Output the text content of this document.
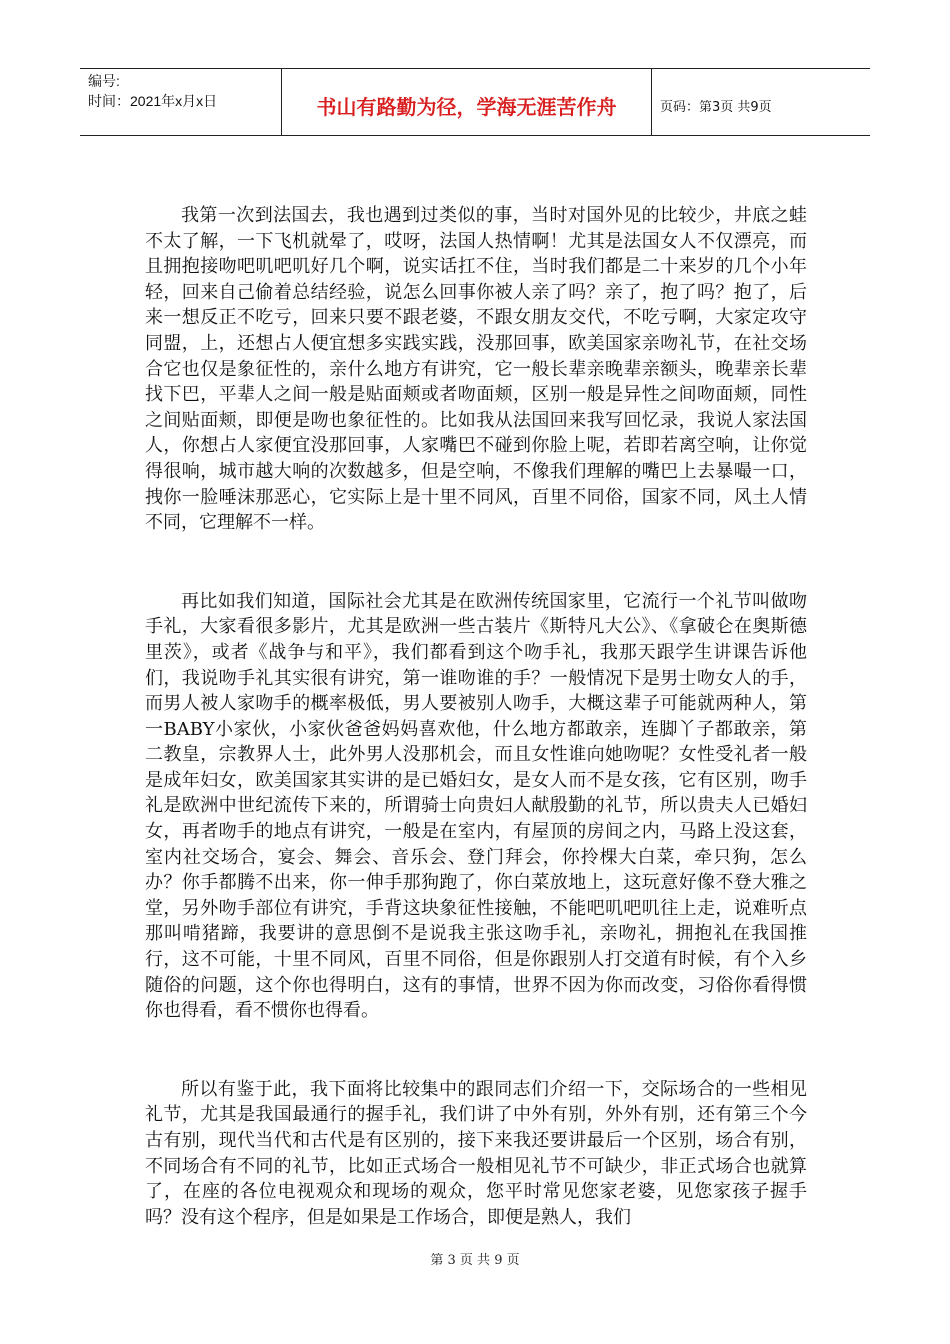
编号:
时间：2021年x月x日	书山有路勤为径，学海无涯苦作舟	页码：第3页 共9页

我第一次到法国去，我也遇到过类似的事，当时对国外见的比较少，井底之蛙不太了解，一下飞机就晕了，哎呀，法国人热情啊！尤其是法国女人不仅漂亮，而且拥抱接吻吧叽吧叽好几个啊，说实话扛不住，当时我们都是二十来岁的几个小年轻，回来自己偷着总结经验，说怎么回事你被人亲了吗？亲了，抱了吗？抱了，后来一想反正不吃亏，回来只要不跟老婆，不跟女朋友交代，不吃亏啊，大家定攻守同盟，上，还想占人便宜想多实践实践，没那回事，欧美国家亲吻礼节，在社交场合它也仅是象征性的，亲什么地方有讲究，它一般长辈亲晚辈亲额头，晚辈亲长辈找下巴，平辈人之间一般是贴面颊或者吻面颊，区别一般是异性之间吻面颊，同性之间贴面颊，即便是吻也象征性的。比如我从法国回来我写回忆录，我说人家法国人，你想占人家便宜没那回事，人家嘴巴不碰到你脸上呢，若即若离空响，让你觉得很响，城市越大响的次数越多，但是空响，不像我们理解的嘴巴上去暴嘬一口，拽你一脸唾沫那恶心，它实际上是十里不同风，百里不同俗，国家不同，风土人情不同，它理解不一样。

再比如我们知道，国际社会尤其是在欧洲传统国家里，它流行一个礼节叫做吻手礼，大家看很多影片，尤其是欧洲一些古装片《斯特凡大公》、《拿破仑在奥斯德里茨》，或者《战争与和平》，我们都看到这个吻手礼，我那天跟学生讲课告诉他们，我说吻手礼其实很有讲究，第一谁吻谁的手？一般情况下是男士吻女人的手，而男人被人家吻手的概率极低，男人要被别人吻手，大概这辈子可能就两种人，第一BABY小家伙，小家伙爸爸妈妈喜欢他，什么地方都敢亲，连脚丫子都敢亲，第二教皇，宗教界人士，此外男人没那机会，而且女性谁向她吻呢？女性受礼者一般是成年妇女，欧美国家其实讲的是已婚妇女，是女人而不是女孩，它有区别，吻手礼是欧洲中世纪流传下来的，所谓骑士向贵妇人献殷勤的礼节，所以贵夫人已婚妇女，再者吻手的地点有讲究，一般是在室内，有屋顶的房间之内，马路上没这套，室内社交场合，宴会、舞会、音乐会、登门拜会，你拎棵大白菜，牵只狗，怎么办？你手都腾不出来，你一伸手那狗跑了，你白菜放地上，这玩意好像不登大雅之堂，另外吻手部位有讲究，手背这块象征性接触，不能吧叽吧叽往上走，说难听点那叫啃猪蹄，我要讲的意思倒不是说我主张这吻手礼，亲吻礼，拥抱礼在我国推行，这不可能，十里不同风，百里不同俗，但是你跟别人打交道有时候，有个入乡随俗的问题，这个你也得明白，这有的事情，世界不因为你而改变，习俗你看得惯你也得看，看不惯你也得看。

所以有鉴于此，我下面将比较集中的跟同志们介绍一下，交际场合的一些相见礼节，尤其是我国最通行的握手礼，我们讲了中外有别，外外有别，还有第三个今古有别，现代当代和古代是有区别的，接下来我还要讲最后一个区别，场合有别，不同场合有不同的礼节，比如正式场合一般相见礼节不可缺少，非正式场合也就算了，在座的各位电视观众和现场的观众，您平时常见您家老婆，见您家孩子握手吗？没有这个程序，但是如果是工作场合，即便是熟人，我们

第 3 页 共 9 页
